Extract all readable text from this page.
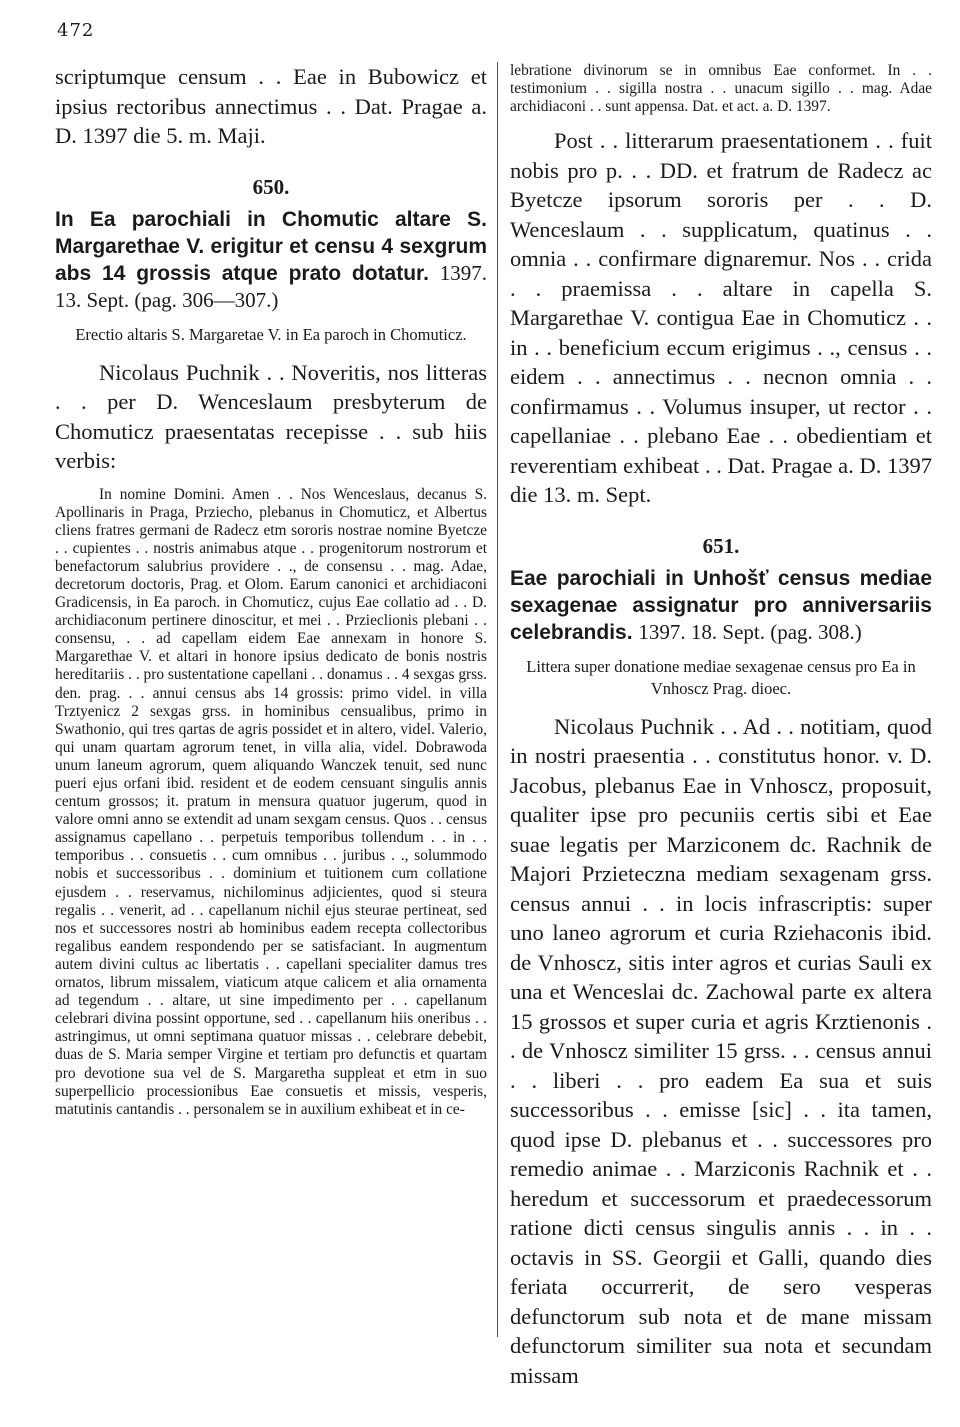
472

scriptumque censum . . Eae in Bubowicz et ipsius rectoribus annectimus . . Dat. Pragae a. D. 1397 die 5. m. Maji.

650.

In Ea parochiali in Chomutic altare S. Margarethae V. erigitur et censu 4 sexgrum abs 14 grossis atque prato dotatur. 1397. 13. Sept. (pag. 306—307.)

Erectio altaris S. Margaretae V. in Ea paroch in Chomuticz.

Nicolaus Puchnik . . Noveritis, nos litteras . . per D. Wenceslaum presbyterum de Chomuticz praesentatas recepisse . . sub hiis verbis:

In nomine Domini. Amen . . Nos Wenceslaus, decanus S. Apollinaris in Praga, Prziecho, plebanus in Chomuticz, et Albertus cliens fratres germani de Radecz etm sororis nostrae nomine Byetcze . . cupientes . . nostris animabus atque . . progenitorum nostrorum et benefactorum salubrius providere . ., de consensu . . mag. Adae, decretorum doctoris, Prag. et Olom. Earum canonici et archidiaconi Gradicensis, in Ea paroch. in Chomuticz, cujus Eae collatio ad . . D. archidiaconum pertinere dinoscitur, et mei . . Przieclionis plebani . . consensu, . . ad capellam eidem Eae annexam in honore S. Margarethae V. et altari in honore ipsius dedicato de bonis nostris hereditariis . . pro sustentatione capellani . . donamus . . 4 sexgas grss. den. prag. . . annui census abs 14 grossis: primo videl. in villa Trztyenicz 2 sexgas grss. in hominibus censualibus, primo in Swathonio, qui tres qartas de agris possidet et in altero, videl. Valerio, qui unam quartam agrorum tenet, in villa alia, videl. Dobrawoda unum laneum agrorum, quem aliquando Wanczek tenuit, sed nunc pueri ejus orfani ibid. resident et de eodem censuant singulis annis centum grossos; it. pratum in mensura quatuor jugerum, quod in valore omni anno se extendit ad unam sexgam census. Quos . . census assignamus capellano . . perpetuis temporibus tollendum . . in . . temporibus . . consuetis . . cum omnibus . . juribus . ., solummodo nobis et successoribus . . dominium et tuitionem cum collatione ejusdem . . reservamus, nichilominus adjicientes, quod si steura regalis . . venerit, ad . . capellanum nichil ejus steurae pertineat, sed nos et successores nostri ab hominibus eadem recepta collectoribus regalibus eandem respondendo per se satisfaciant. In augmentum autem divini cultus ac libertatis . . capellani specialiter damus tres ornatos, librum missalem, viaticum atque calicem et alia ornamenta ad tegendum . . altare, ut sine impedimento per . . capellanum celebrari divina possint opportune, sed . . capellanum hiis oneribus . . astringimus, ut omni septimana quatuor missas . . celebrare debebit, duas de S. Maria semper Virgine et tertiam pro defunctis et quartam pro devotione sua vel de S. Margaretha suppleat et etm in suo superpellicio processionibus Eae consuetis et missis, vesperis, matutinis cantandis . . personalem se in auxilium exhibeat et in ce-

lebratione divinorum se in omnibus Eae conformet. In . . testimonium . . sigilla nostra . . unacum sigillo . . mag. Adae archidiaconi . . sunt appensa. Dat. et act. a. D. 1397.

Post . . litterarum praesentationem . . fuit nobis pro p. . . DD. et fratrum de Radecz ac Byetcze ipsorum sororis per . . D. Wenceslaum . . supplicatum, quatinus . . omnia . . confirmare dignaremur. Nos . . crida . . praemissa . . altare in capella S. Margarethae V. contigua Eae in Chomuticz . . in . . beneficium eccum erigimus . ., census . . eidem . . annectimus . . necnon omnia . . confirmamus . . Volumus insuper, ut rector . . capellaniae . . plebano Eae . . obedientiam et reverentiam exhibeat . . Dat. Pragae a. D. 1397 die 13. m. Sept.

651.

Eae parochiali in Unhošť census mediae sexagenae assignatur pro anniversariis celebrandis. 1397. 18. Sept. (pag. 308.)

Littera super donatione mediae sexagenae census pro Ea in Vnhoscz Prag. dioec.

Nicolaus Puchnik . . Ad . . notitiam, quod in nostri praesentia . . constitutus honor. v. D. Jacobus, plebanus Eae in Vnhoscz, proposuit, qualiter ipse pro pecuniis certis sibi et Eae suae legatis per Marziconem dc. Rachnik de Majori Przieteczna mediam sexagenam grss. census annui . . in locis infrascriptis: super uno laneo agrorum et curia Rziehaconis ibid. de Vnhoscz, sitis inter agros et curias Sauli ex una et Wenceslai dc. Zachowal parte ex altera 15 grossos et super curia et agris Krztienonis . . de Vnhoscz similiter 15 grss. . . census annui . . liberi . . pro eadem Ea sua et suis successoribus . . emisse [sic] . . ita tamen, quod ipse D. plebanus et . . successores pro remedio animae . . Marziconis Rachnik et . . heredum et successorum et praedecessorum ratione dicti census singulis annis . . in . . octavis in SS. Georgii et Galli, quando dies feriata occurrerit, de sero vesperas defunctorum sub nota et de mane missam defunctorum similiter sua nota et secundam missam
